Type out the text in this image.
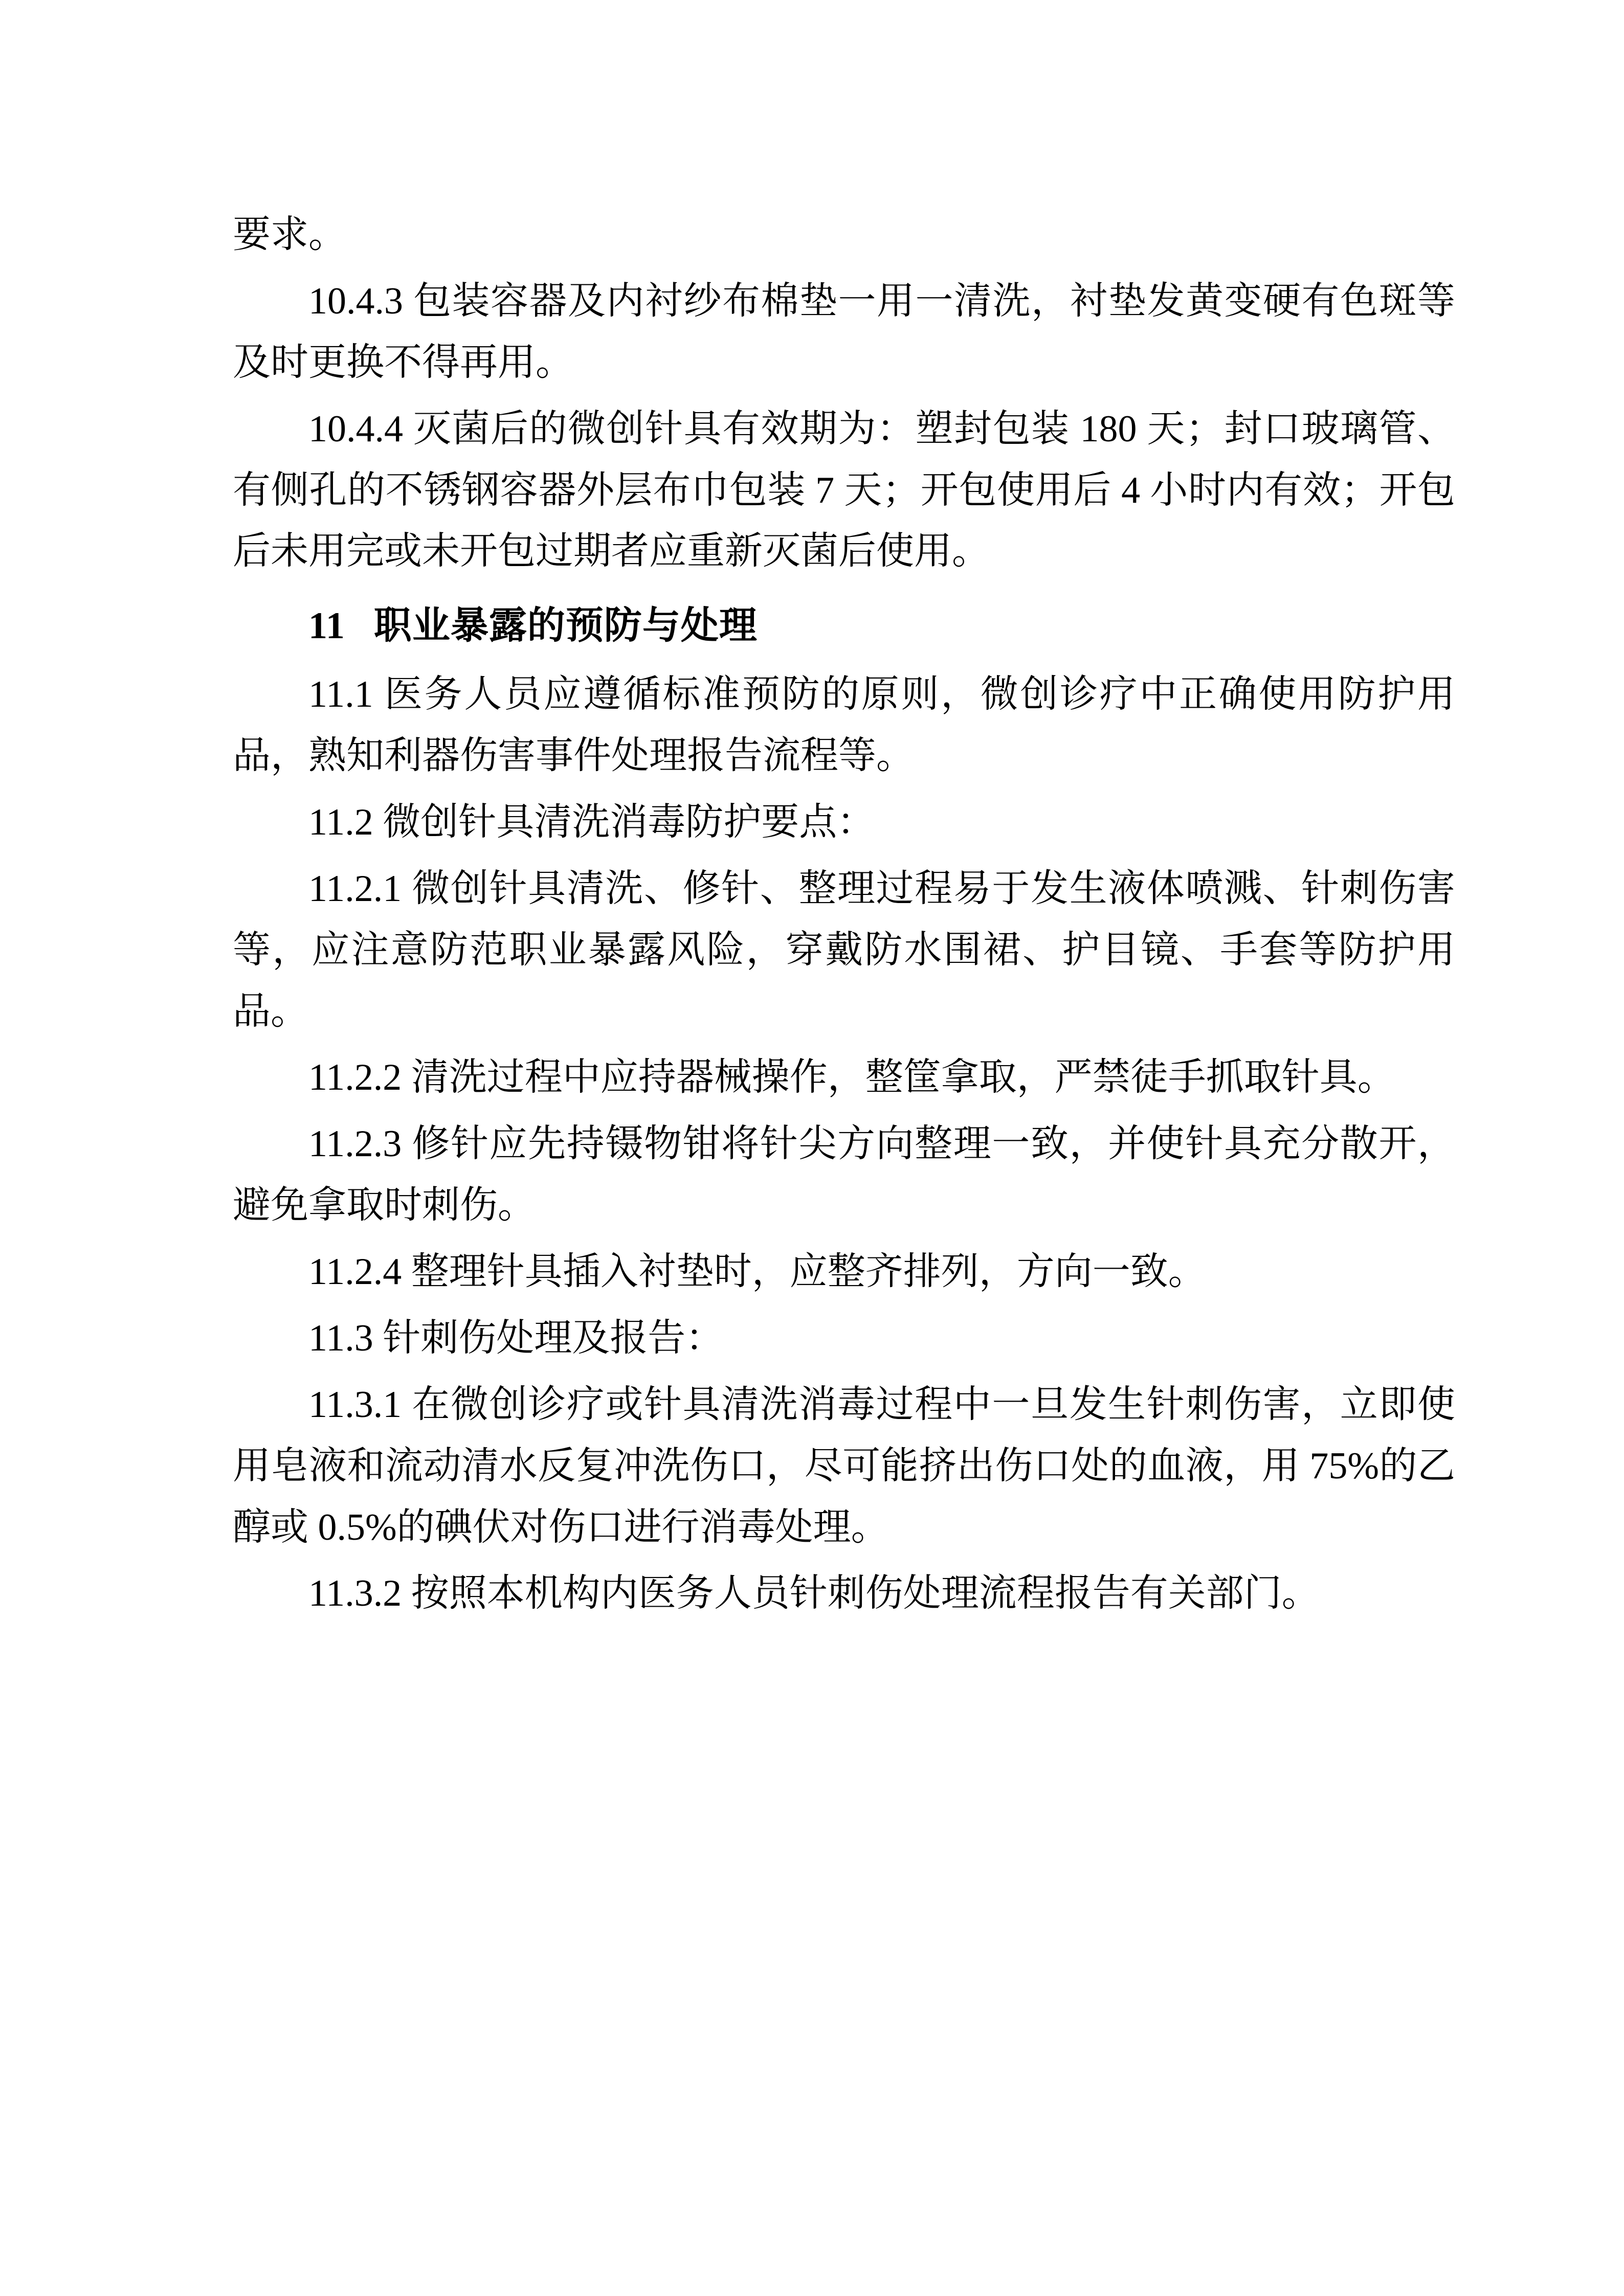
要求。

10.4.3 包装容器及内衬纱布棉垫一用一清洗，衬垫发黄变硬有色斑等及时更换不得再用。

10.4.4 灭菌后的微创针具有效期为：塑封包装 180 天；封口玻璃管、有侧孔的不锈钢容器外层布巾包装 7 天；开包使用后 4 小时内有效；开包后未用完或未开包过期者应重新灭菌后使用。

11 职业暴露的预防与处理

11.1 医务人员应遵循标准预防的原则，微创诊疗中正确使用防护用品，熟知利器伤害事件处理报告流程等。

11.2 微创针具清洗消毒防护要点：

11.2.1 微创针具清洗、修针、整理过程易于发生液体喷溅、针刺伤害等，应注意防范职业暴露风险，穿戴防水围裙、护目镜、手套等防护用品。

11.2.2 清洗过程中应持器械操作，整筐拿取，严禁徒手抓取针具。

11.2.3 修针应先持镊物钳将针尖方向整理一致，并使针具充分散开，避免拿取时刺伤。

11.2.4 整理针具插入衬垫时，应整齐排列，方向一致。

11.3 针刺伤处理及报告：

11.3.1 在微创诊疗或针具清洗消毒过程中一旦发生针刺伤害，立即使用皂液和流动清水反复冲洗伤口，尽可能挤出伤口处的血液，用 75%的乙醇或 0.5%的碘伏对伤口进行消毒处理。

11.3.2 按照本机构内医务人员针刺伤处理流程报告有关部门。
